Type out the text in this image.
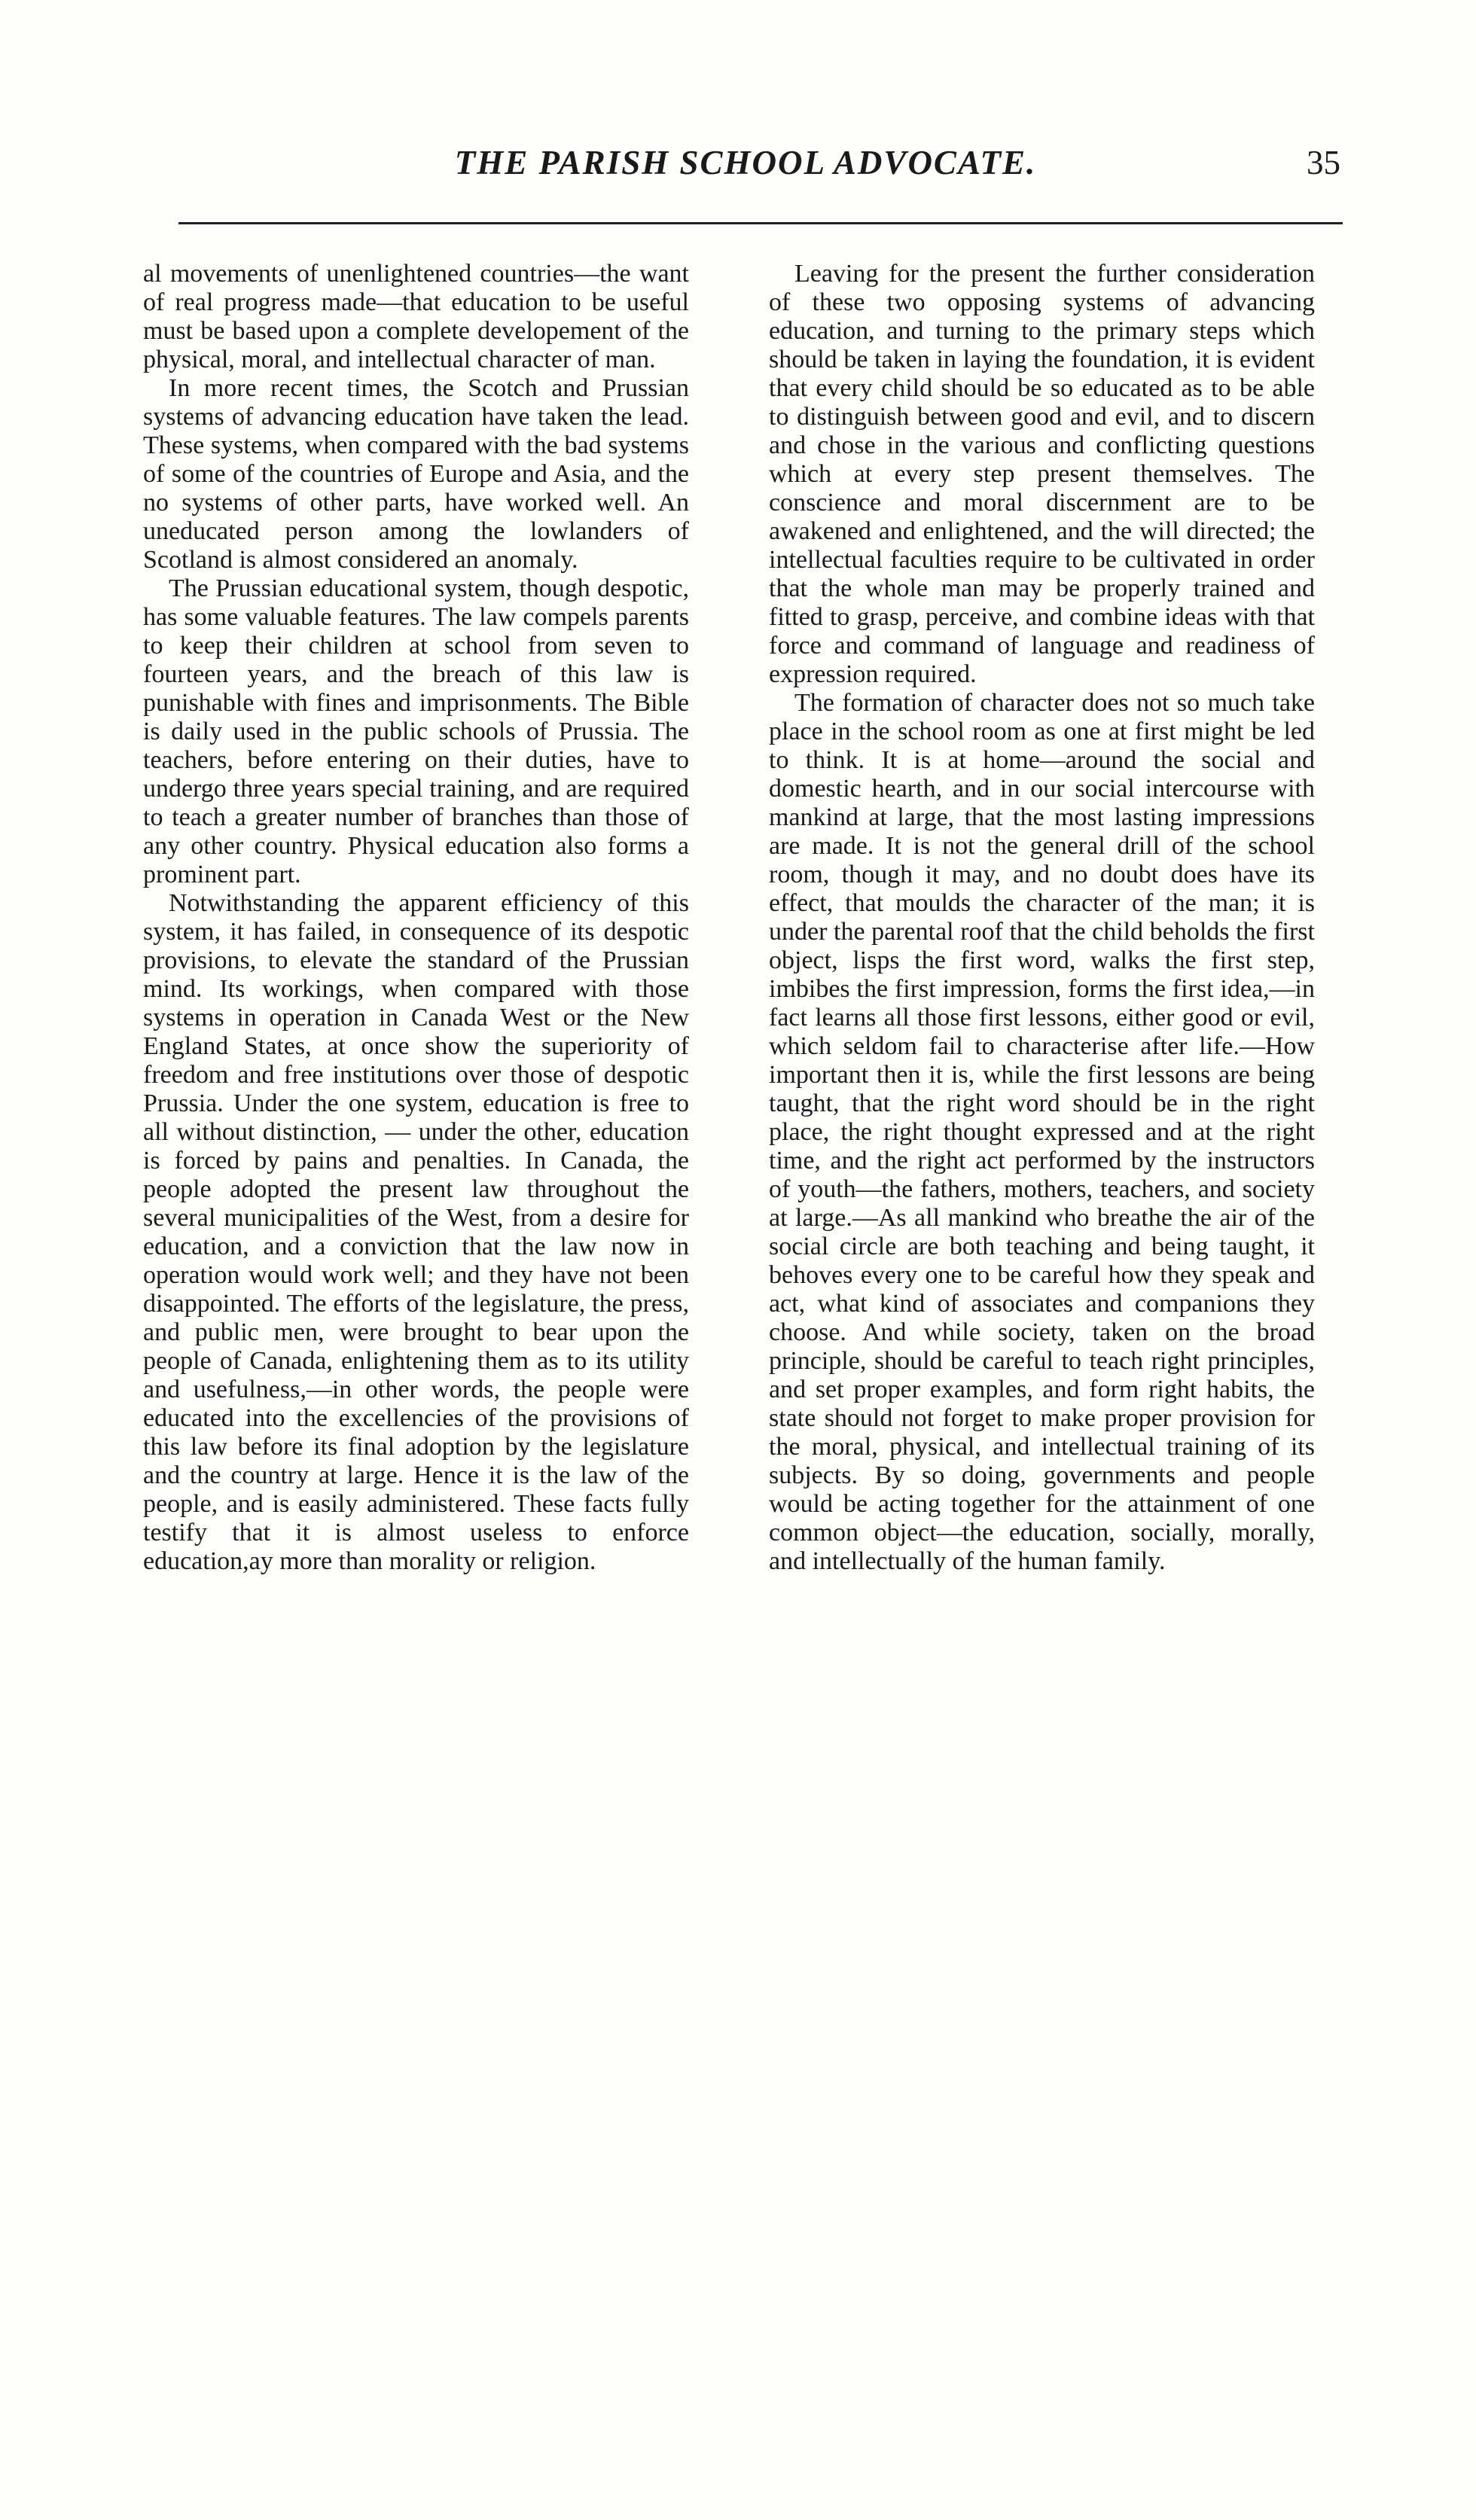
THE PARISH SCHOOL ADVOCATE.	35

al movements of unenlightened countries—the want of real progress made—that education to be useful must be based upon a complete developement of the physical, moral, and intellectual character of man.

In more recent times, the Scotch and Prussian systems of advancing education have taken the lead. These systems, when compared with the bad systems of some of the countries of Europe and Asia, and the no systems of other parts, have worked well. An uneducated person among the lowlanders of Scotland is almost considered an anomaly.

The Prussian educational system, though despotic, has some valuable features. The law compels parents to keep their children at school from seven to fourteen years, and the breach of this law is punishable with fines and imprisonments. The Bible is daily used in the public schools of Prussia. The teachers, before entering on their duties, have to undergo three years special training, and are required to teach a greater number of branches than those of any other country. Physical education also forms a prominent part.

Notwithstanding the apparent efficiency of this system, it has failed, in consequence of its despotic provisions, to elevate the standard of the Prussian mind. Its workings, when compared with those systems in operation in Canada West or the New England States, at once show the superiority of freedom and free institutions over those of despotic Prussia. Under the one system, education is free to all without distinction, — under the other, education is forced by pains and penalties. In Canada, the people adopted the present law throughout the several municipalities of the West, from a desire for education, and a conviction that the law now in operation would work well; and they have not been disappointed. The efforts of the legislature, the press, and public men, were brought to bear upon the people of Canada, enlightening them as to its utility and usefulness,—in other words, the people were educated into the excellencies of the provisions of this law before its final adoption by the legislature and the country at large. Hence it is the law of the people, and is easily administered. These facts fully testify that it is almost useless to enforce education,ay more than morality or religion.

Leaving for the present the further consideration of these two opposing systems of advancing education, and turning to the primary steps which should be taken in laying the foundation, it is evident that every child should be so educated as to be able to distinguish between good and evil, and to discern and chose in the various and conflicting questions which at every step present themselves. The conscience and moral discernment are to be awakened and enlightened, and the will directed; the intellectual faculties require to be cultivated in order that the whole man may be properly trained and fitted to grasp, perceive, and combine ideas with that force and command of language and readiness of expression required.

The formation of character does not so much take place in the school room as one at first might be led to think. It is at home—around the social and domestic hearth, and in our social intercourse with mankind at large, that the most lasting impressions are made. It is not the general drill of the school room, though it may, and no doubt does have its effect, that moulds the character of the man; it is under the parental roof that the child beholds the first object, lisps the first word, walks the first step, imbibes the first impression, forms the first idea,—in fact learns all those first lessons, either good or evil, which seldom fail to characterise after life.—How important then it is, while the first lessons are being taught, that the right word should be in the right place, the right thought expressed and at the right time, and the right act performed by the instructors of youth—the fathers, mothers, teachers, and society at large.—As all mankind who breathe the air of the social circle are both teaching and being taught, it behoves every one to be careful how they speak and act, what kind of associates and companions they choose. And while society, taken on the broad principle, should be careful to teach right principles, and set proper examples, and form right habits, the state should not forget to make proper provision for the moral, physical, and intellectual training of its subjects. By so doing, governments and people would be acting together for the attainment of one common object—the education, socially, morally, and intellectually of the human family.
